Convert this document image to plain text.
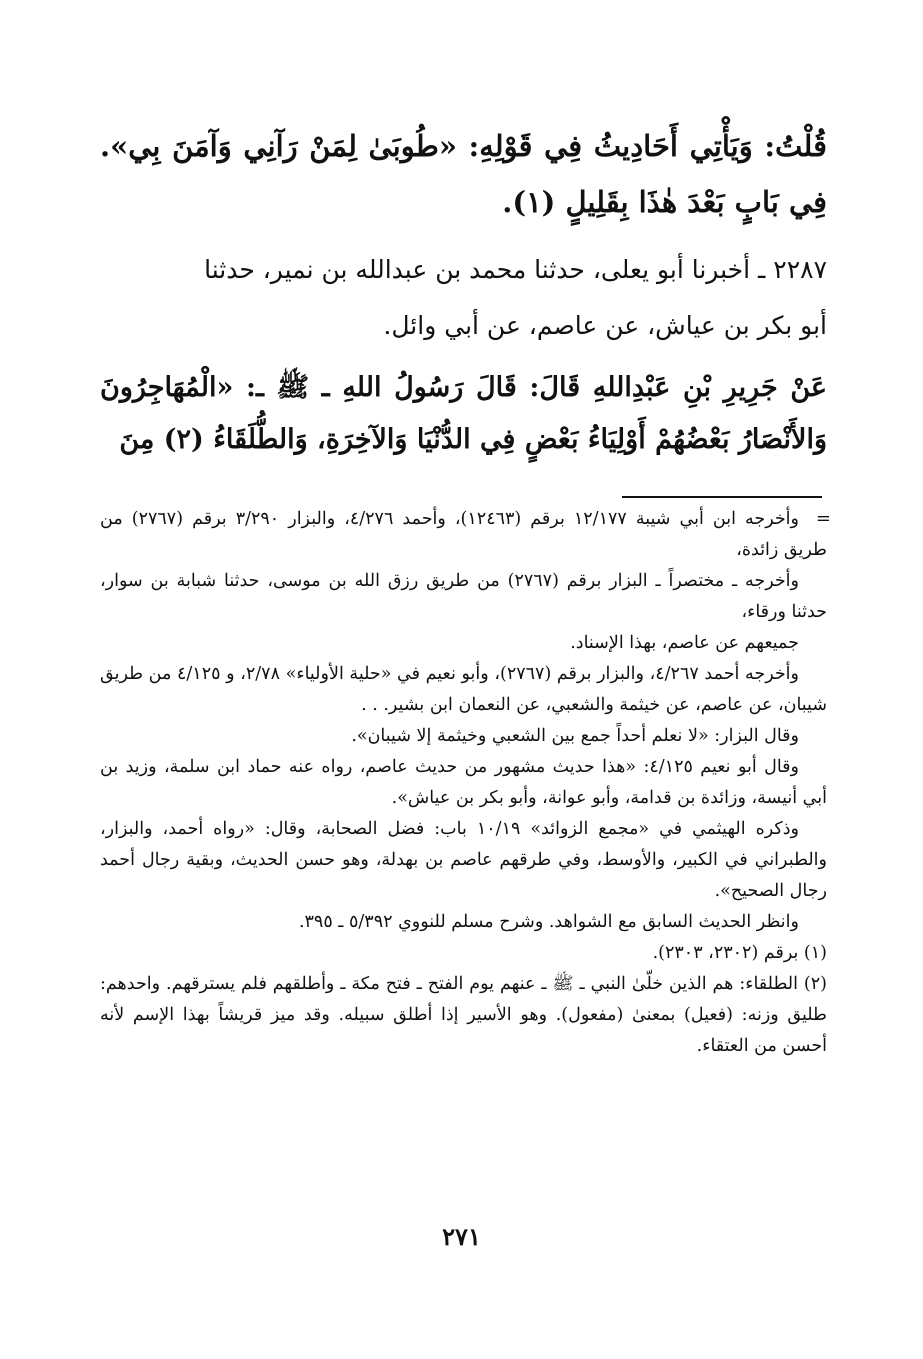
قُلْتُ: وَيَأْتِي أَحَادِيثُ فِي قَوْلِهِ: «طُوبَىٰ لِمَنْ رَآنِي وَآمَنَ بِي». فِي بَابٍ بَعْدَ هٰذَا بِقَلِيلٍ (١).

٢٢٨٧ ـ أخبرنا أبو يعلى، حدثنا محمد بن عبدالله بن نمير، حدثنا

أبو بكر بن عياش، عن عاصم، عن أبي وائل.

عَنْ جَرِيرِ بْنِ عَبْدِاللهِ قَالَ: قَالَ رَسُولُ اللهِ ـ ﷺ ـ: «الْمُهَاجِرُونَ وَالأَنْصَارُ بَعْضُهُمْ أَوْلِيَاءُ بَعْضٍ فِي الدُّنْيَا وَالآخِرَةِ، وَالطُّلَقَاءُ (٢) مِنَ

=

وأخرجه ابن أبي شيبة ١٢/١٧٧ برقم (١٢٤٦٣)، وأحمد ٤/٢٧٦، والبزار ٣/٢٩٠ برقم (٢٧٦٧) من طريق زائدة،

وأخرجه ـ مختصراً ـ البزار برقم (٢٧٦٧) من طريق رزق الله بن موسى، حدثنا شبابة بن سوار، حدثنا ورقاء،

جميعهم عن عاصم، بهذا الإسناد.

وأخرجه أحمد ٤/٢٦٧، والبزار برقم (٢٧٦٧)، وأبو نعيم في «حلية الأولياء» ٢/٧٨، و ٤/١٢٥ من طريق شيبان، عن عاصم، عن خيثمة والشعبي، عن النعمان ابن بشير. . .

وقال البزار: «لا نعلم أحداً جمع بين الشعبي وخيثمة إلا شيبان».

وقال أبو نعيم ٤/١٢٥: «هذا حديث مشهور من حديث عاصم، رواه عنه حماد ابن سلمة، وزيد بن أبي أنيسة، وزائدة بن قدامة، وأبو عوانة، وأبو بكر بن عياش».

وذكره الهيثمي في «مجمع الزوائد» ١٠/١٩ باب: فضل الصحابة، وقال: «رواه أحمد، والبزار، والطبراني في الكبير، والأوسط، وفي طرقهم عاصم بن بهدلة، وهو حسن الحديث، وبقية رجال أحمد رجال الصحيح».

وانظر الحديث السابق مع الشواهد. وشرح مسلم للنووي ٥/٣٩٢ ـ ٣٩٥.

(١) برقم (٢٣٠٢، ٢٣٠٣).

(٢) الطلقاء: هم الذين خلّىٰ النبي ـ ﷺ ـ عنهم يوم الفتح ـ فتح مكة ـ وأطلقهم فلم يسترقهم. واحدهم: طليق وزنه: (فعيل) بمعنىٰ (مفعول). وهو الأسير إذا أطلق سبيله. وقد ميز قريشاً بهذا الإسم لأنه أحسن من العتقاء.

٢٧١
